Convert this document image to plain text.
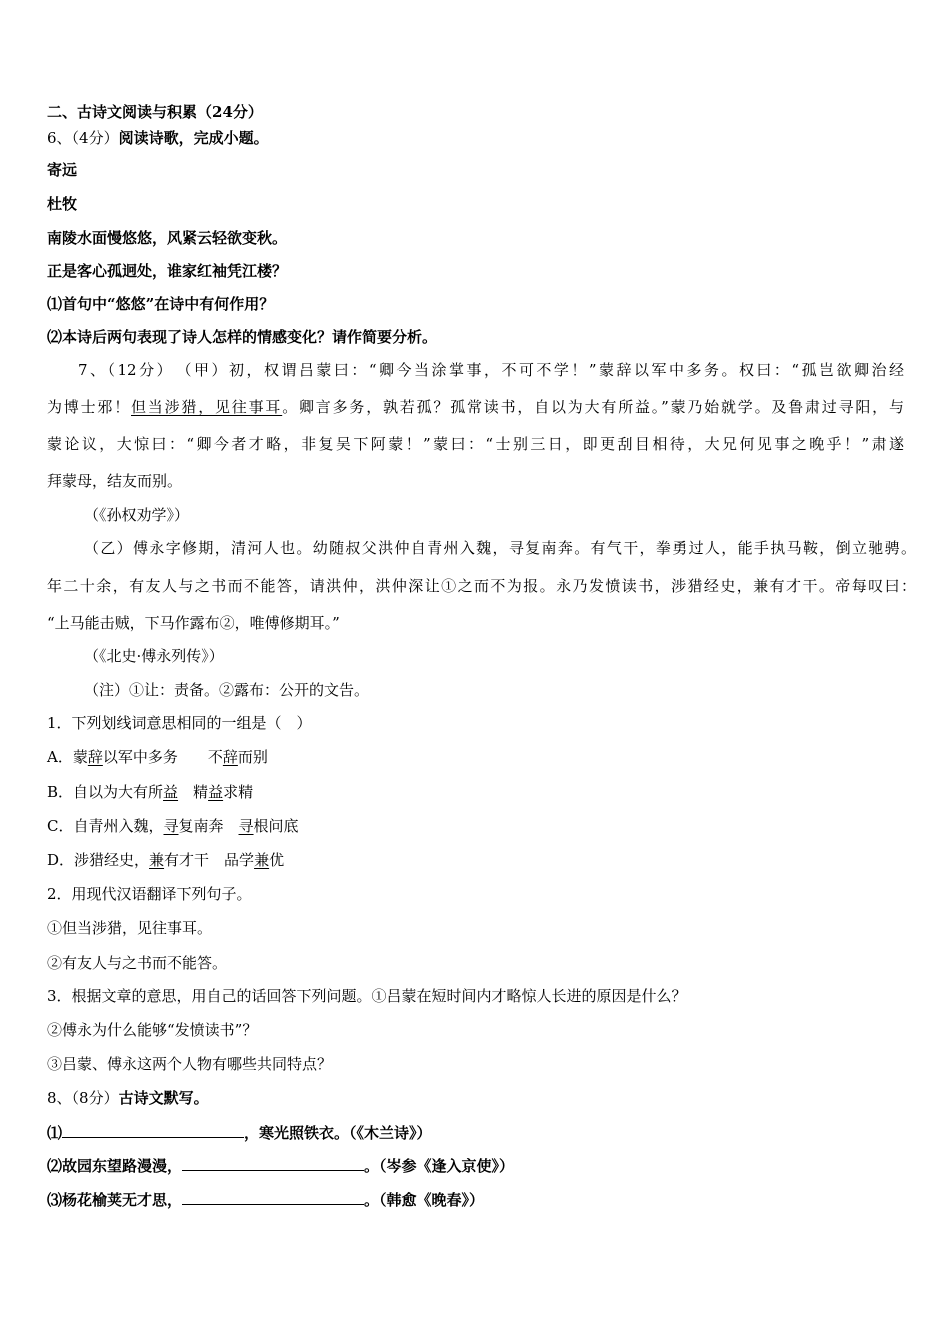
二、古诗文阅读与积累（24分）
6、（4分）阅读诗歌，完成小题。
寄远
杜牧
南陵水面慢悠悠，风紧云轻欲变秋。
正是客心孤迥处，谁家红袖凭江楼？
⑴首句中“悠悠”在诗中有何作用？
⑵本诗后两句表现了诗人怎样的情感变化？请作简要分析。
7、（12分）　（甲）初，权谓吕蒙曰：“卿今当涂掌事，不可不学！”蒙辞以军中多务。权曰：“孤岂欲卿治经
为博士邪！但当涉猎，见往事耳。卿言多务，孰若孤？孤常读书，自以为大有所益。”蒙乃始就学。及鲁肃过寻阳，与
蒙论议，大惊曰：“卿今者才略，非复吴下阿蒙！”蒙曰：“士别三日，即更刮目相待，大兄何见事之晚乎！”肃遂
拜蒙母，结友而别。
（《孙权劝学》）
（乙）傅永字修期，清河人也。幼随叔父洪仲自青州入魏，寻复南奔。有气干，拳勇过人，能手执马鞍，倒立驰骋。
年二十余，有友人与之书而不能答，请洪仲，洪仲深让①之而不为报。永乃发愤读书，涉猎经史，兼有才干。帝每叹曰：
“上马能击贼，下马作露布②，唯傅修期耳。”
（《北史·傅永列传》）
（注）①让：责备。②露布：公开的文告。
1．下列划线词意思相同的一组是（　）
A．蒙辞以军中多务　　不辞而别
B．自以为大有所益　精益求精
C．自青州入魏，寻复南奔　寻根问底
D．涉猎经史，兼有才干　品学兼优
2．用现代汉语翻译下列句子。
①但当涉猎，见往事耳。
②有友人与之书而不能答。
3．根据文章的意思，用自己的话回答下列问题。①吕蒙在短时间内才略惊人长进的原因是什么？
②傅永为什么能够“发愤读书”？
③吕蒙、傅永这两个人物有哪些共同特点？
8、（8分）古诗文默写。
⑴	，寒光照铁衣。（《木兰诗》）
⑵故园东望路漫漫，	。（岑参《逢入京使》）
⑶杨花榆荚无才思，	。（韩愈《晚春》）
